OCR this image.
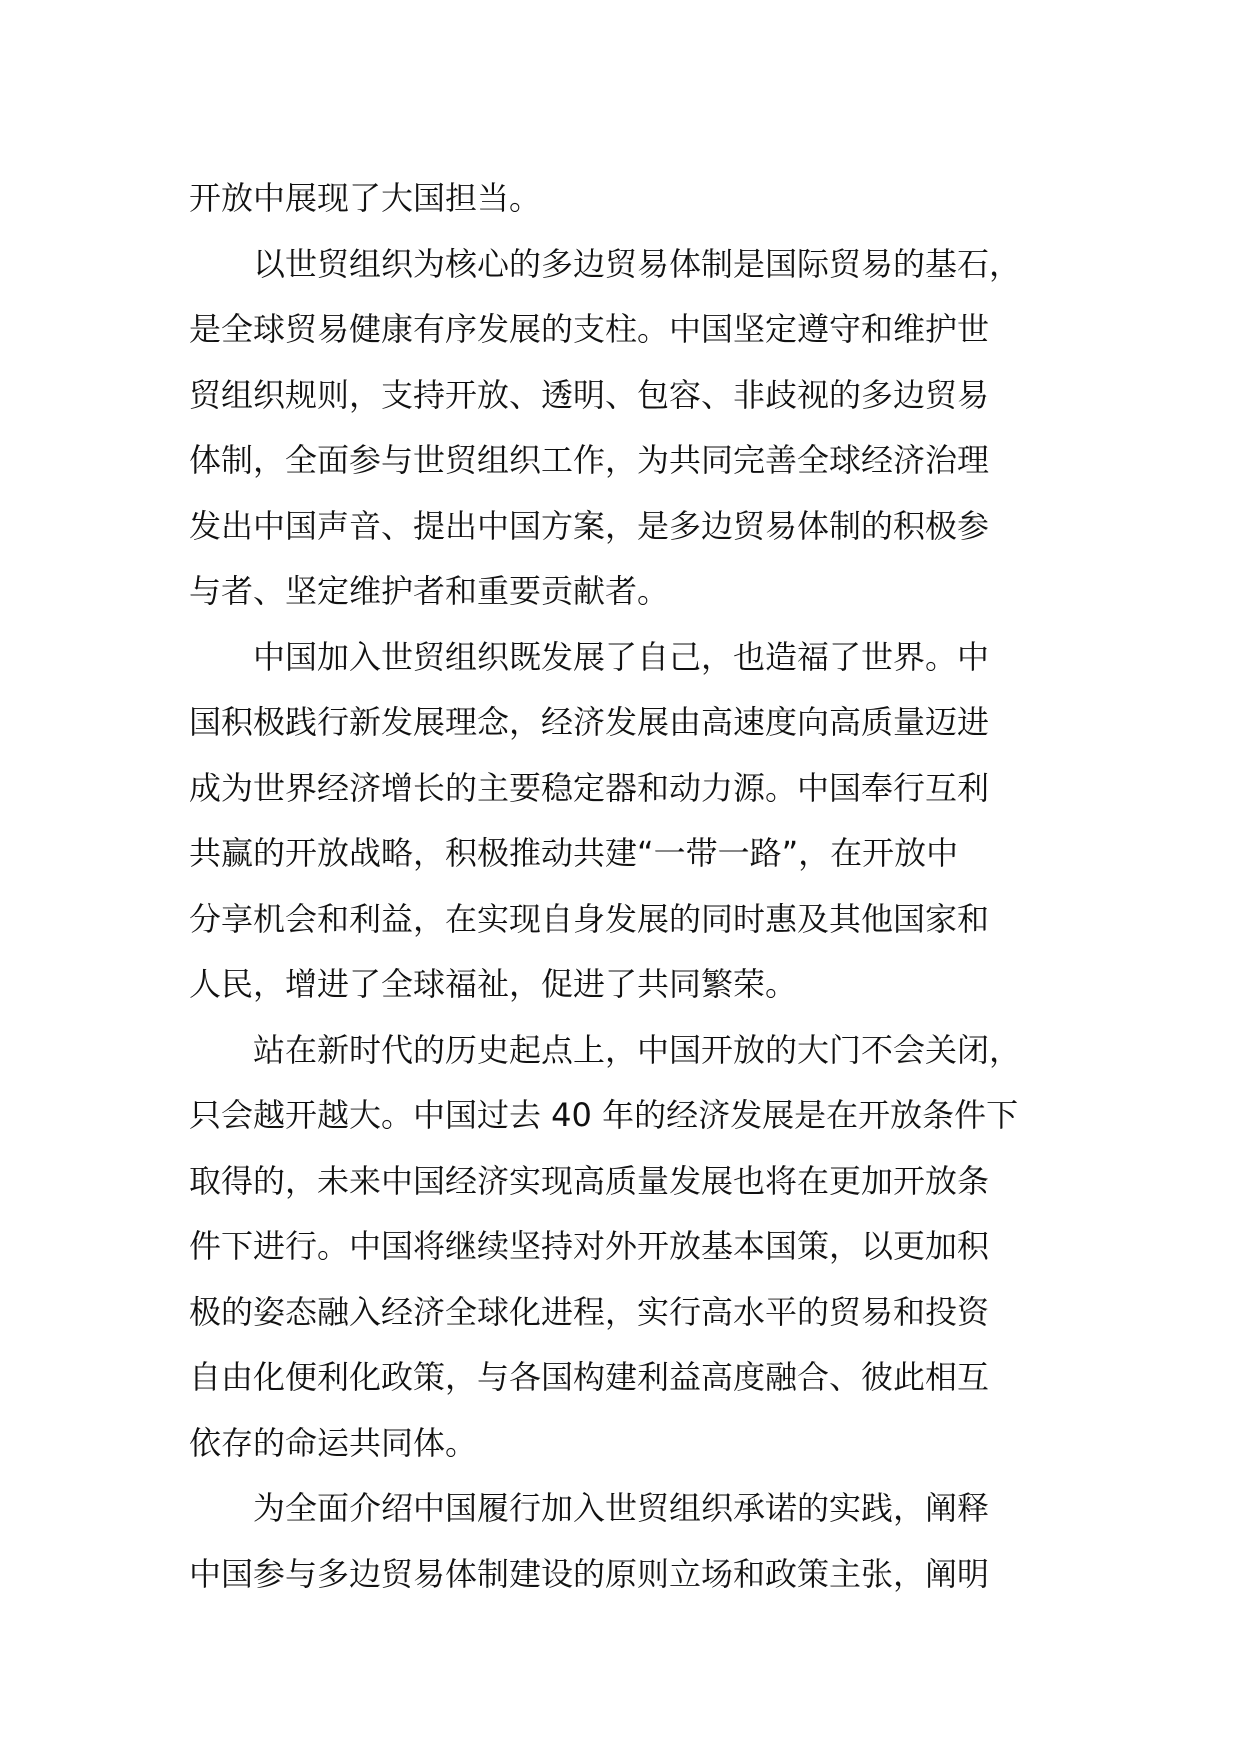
开放中展现了大国担当。
以世贸组织为核心的多边贸易体制是国际贸易的基石，
是全球贸易健康有序发展的支柱。中国坚定遵守和维护世
贸组织规则，支持开放、透明、包容、非歧视的多边贸易
体制，全面参与世贸组织工作，为共同完善全球经济治理
发出中国声音、提出中国方案，是多边贸易体制的积极参
与者、坚定维护者和重要贡献者。
中国加入世贸组织既发展了自己，也造福了世界。中
国积极践行新发展理念，经济发展由高速度向高质量迈进
成为世界经济增长的主要稳定器和动力源。中国奉行互利
共赢的开放战略，积极推动共建“一带一路”，在开放中
分享机会和利益，在实现自身发展的同时惠及其他国家和
人民，增进了全球福祉，促进了共同繁荣。
站在新时代的历史起点上，中国开放的大门不会关闭，
只会越开越大。中国过去 40 年的经济发展是在开放条件下
取得的，未来中国经济实现高质量发展也将在更加开放条
件下进行。中国将继续坚持对外开放基本国策，以更加积
极的姿态融入经济全球化进程，实行高水平的贸易和投资
自由化便利化政策，与各国构建利益高度融合、彼此相互
依存的命运共同体。
为全面介绍中国履行加入世贸组织承诺的实践，阐释
中国参与多边贸易体制建设的原则立场和政策主张，阐明
